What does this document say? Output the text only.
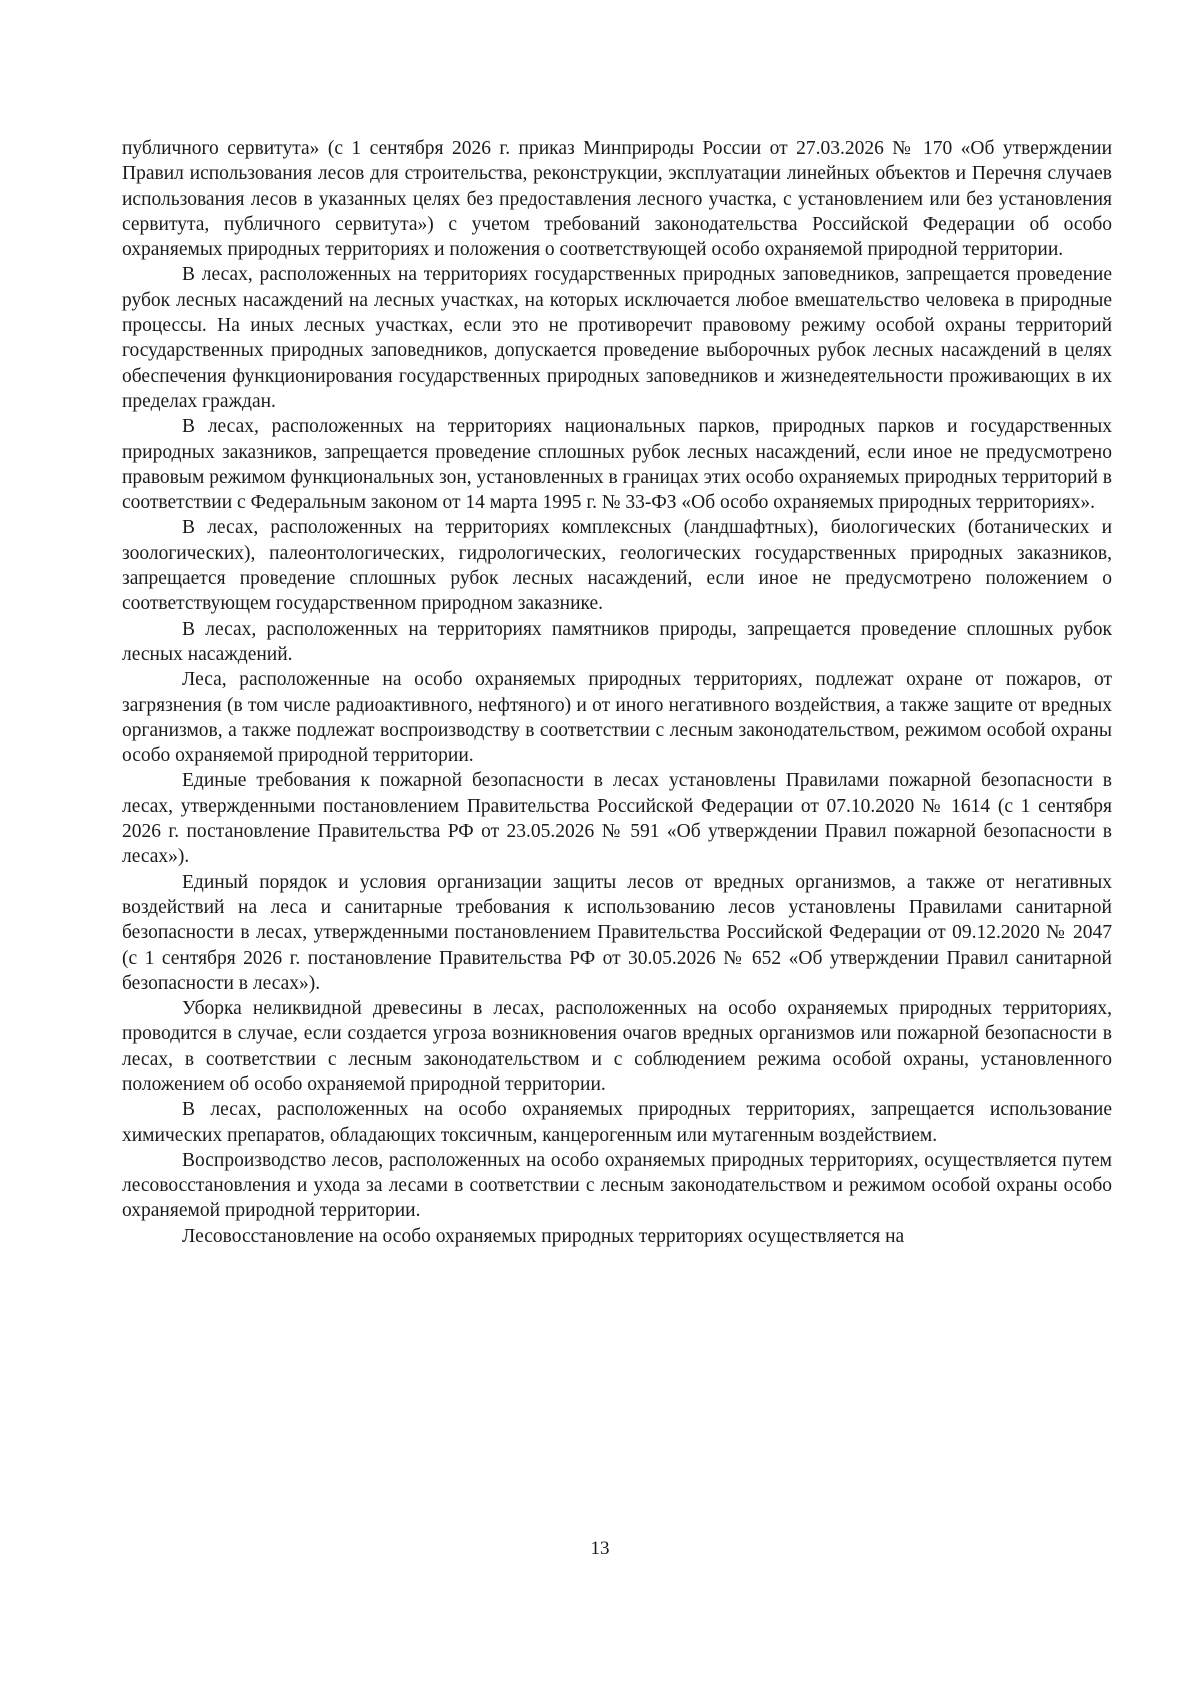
публичного сервитута» (с 1 сентября 2026 г. приказ Минприроды России от 27.03.2026 № 170 «Об утверждении Правил использования лесов для строительства, реконструкции, эксплуатации линейных объектов и Перечня случаев использования лесов в указанных целях без предоставления лесного участка, с установлением или без установления сервитута, публичного сервитута») с учетом требований законодательства Российской Федерации об особо охраняемых природных территориях и положения о соответствующей особо охраняемой природной территории.

В лесах, расположенных на территориях государственных природных заповедников, запрещается проведение рубок лесных насаждений на лесных участках, на которых исключается любое вмешательство человека в природные процессы. На иных лесных участках, если это не противоречит правовому режиму особой охраны территорий государственных природных заповедников, допускается проведение выборочных рубок лесных насаждений в целях обеспечения функционирования государственных природных заповедников и жизнедеятельности проживающих в их пределах граждан.

В лесах, расположенных на территориях национальных парков, природных парков и государственных природных заказников, запрещается проведение сплошных рубок лесных насаждений, если иное не предусмотрено правовым режимом функциональных зон, установленных в границах этих особо охраняемых природных территорий в соответствии с Федеральным законом от 14 марта 1995 г. № 33-ФЗ «Об особо охраняемых природных территориях».

В лесах, расположенных на территориях комплексных (ландшафтных), биологических (ботанических и зоологических), палеонтологических, гидрологических, геологических государственных природных заказников, запрещается проведение сплошных рубок лесных насаждений, если иное не предусмотрено положением о соответствующем государственном природном заказнике.

В лесах, расположенных на территориях памятников природы, запрещается проведение сплошных рубок лесных насаждений.

Леса, расположенные на особо охраняемых природных территориях, подлежат охране от пожаров, от загрязнения (в том числе радиоактивного, нефтяного) и от иного негативного воздействия, а также защите от вредных организмов, а также подлежат воспроизводству в соответствии с лесным законодательством, режимом особой охраны особо охраняемой природной территории.

Единые требования к пожарной безопасности в лесах установлены Правилами пожарной безопасности в лесах, утвержденными постановлением Правительства Российской Федерации от 07.10.2020 № 1614 (с 1 сентября 2026 г. постановление Правительства РФ от 23.05.2026 № 591 «Об утверждении Правил пожарной безопасности в лесах»).

Единый порядок и условия организации защиты лесов от вредных организмов, а также от негативных воздействий на леса и санитарные требования к использованию лесов установлены Правилами санитарной безопасности в лесах, утвержденными постановлением Правительства Российской Федерации от 09.12.2020 № 2047 (с 1 сентября 2026 г. постановление Правительства РФ от 30.05.2026 № 652 «Об утверждении Правил санитарной безопасности в лесах»).

Уборка неликвидной древесины в лесах, расположенных на особо охраняемых природных территориях, проводится в случае, если создается угроза возникновения очагов вредных организмов или пожарной безопасности в лесах, в соответствии с лесным законодательством и с соблюдением режима особой охраны, установленного положением об особо охраняемой природной территории.

В лесах, расположенных на особо охраняемых природных территориях, запрещается использование химических препаратов, обладающих токсичным, канцерогенным или мутагенным воздействием.

Воспроизводство лесов, расположенных на особо охраняемых природных территориях, осуществляется путем лесовосстановления и ухода за лесами в соответствии с лесным законодательством и режимом особой охраны особо охраняемой природной территории.

Лесовосстановление на особо охраняемых природных территориях осуществляется на

13
